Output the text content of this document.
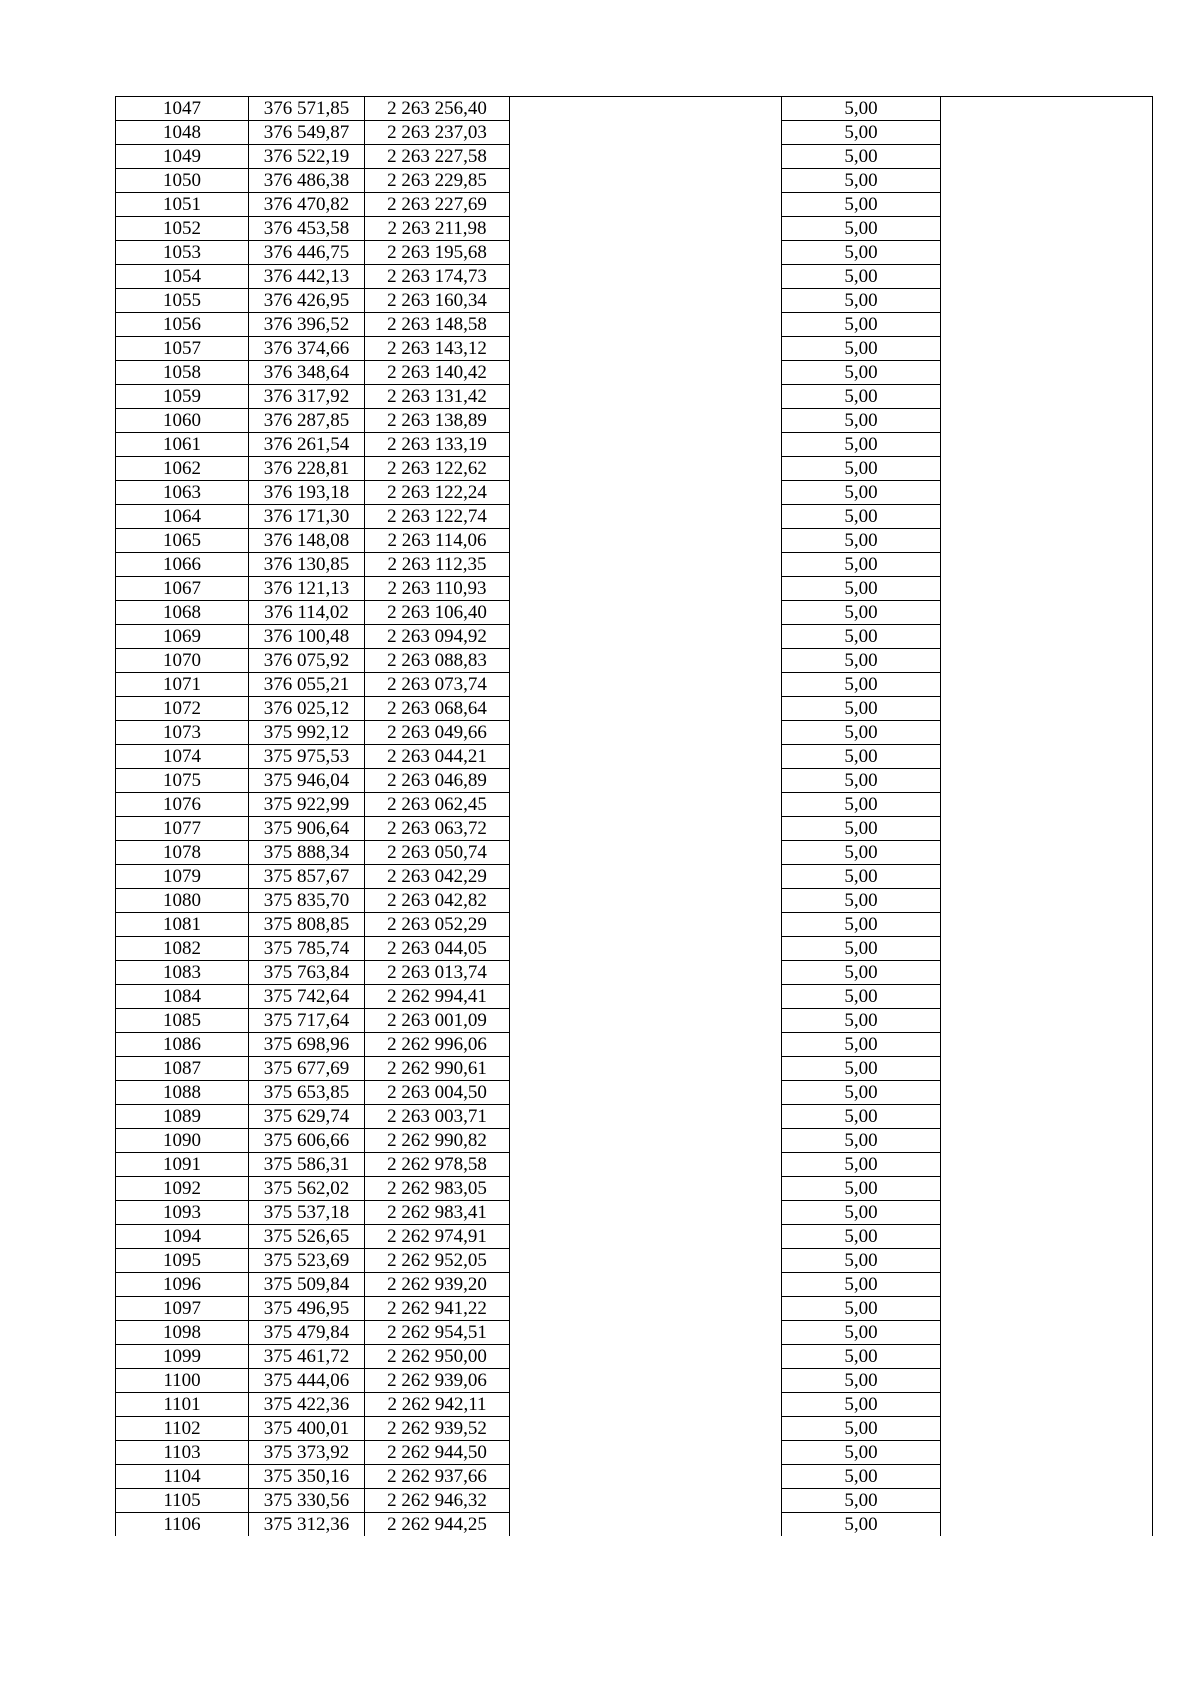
1047	376 571,85	2 263 256,40		5,00	
1048	376 549,87	2 263 237,03		5,00	
1049	376 522,19	2 263 227,58		5,00	
1050	376 486,38	2 263 229,85		5,00	
1051	376 470,82	2 263 227,69		5,00	
1052	376 453,58	2 263 211,98		5,00	
1053	376 446,75	2 263 195,68		5,00	
1054	376 442,13	2 263 174,73		5,00	
1055	376 426,95	2 263 160,34		5,00	
1056	376 396,52	2 263 148,58		5,00	
1057	376 374,66	2 263 143,12		5,00	
1058	376 348,64	2 263 140,42		5,00	
1059	376 317,92	2 263 131,42		5,00	
1060	376 287,85	2 263 138,89		5,00	
1061	376 261,54	2 263 133,19		5,00	
1062	376 228,81	2 263 122,62		5,00	
1063	376 193,18	2 263 122,24		5,00	
1064	376 171,30	2 263 122,74		5,00	
1065	376 148,08	2 263 114,06		5,00	
1066	376 130,85	2 263 112,35		5,00	
1067	376 121,13	2 263 110,93		5,00	
1068	376 114,02	2 263 106,40		5,00	
1069	376 100,48	2 263 094,92		5,00	
1070	376 075,92	2 263 088,83		5,00	
1071	376 055,21	2 263 073,74		5,00	
1072	376 025,12	2 263 068,64		5,00	
1073	375 992,12	2 263 049,66		5,00	
1074	375 975,53	2 263 044,21		5,00	
1075	375 946,04	2 263 046,89		5,00	
1076	375 922,99	2 263 062,45		5,00	
1077	375 906,64	2 263 063,72		5,00	
1078	375 888,34	2 263 050,74		5,00	
1079	375 857,67	2 263 042,29		5,00	
1080	375 835,70	2 263 042,82		5,00	
1081	375 808,85	2 263 052,29		5,00	
1082	375 785,74	2 263 044,05		5,00	
1083	375 763,84	2 263 013,74		5,00	
1084	375 742,64	2 262 994,41		5,00	
1085	375 717,64	2 263 001,09		5,00	
1086	375 698,96	2 262 996,06		5,00	
1087	375 677,69	2 262 990,61		5,00	
1088	375 653,85	2 263 004,50		5,00	
1089	375 629,74	2 263 003,71		5,00	
1090	375 606,66	2 262 990,82		5,00	
1091	375 586,31	2 262 978,58		5,00	
1092	375 562,02	2 262 983,05		5,00	
1093	375 537,18	2 262 983,41		5,00	
1094	375 526,65	2 262 974,91		5,00	
1095	375 523,69	2 262 952,05		5,00	
1096	375 509,84	2 262 939,20		5,00	
1097	375 496,95	2 262 941,22		5,00	
1098	375 479,84	2 262 954,51		5,00	
1099	375 461,72	2 262 950,00		5,00	
1100	375 444,06	2 262 939,06		5,00	
1101	375 422,36	2 262 942,11		5,00	
1102	375 400,01	2 262 939,52		5,00	
1103	375 373,92	2 262 944,50		5,00	
1104	375 350,16	2 262 937,66		5,00	
1105	375 330,56	2 262 946,32		5,00	
1106	375 312,36	2 262 944,25		5,00	
